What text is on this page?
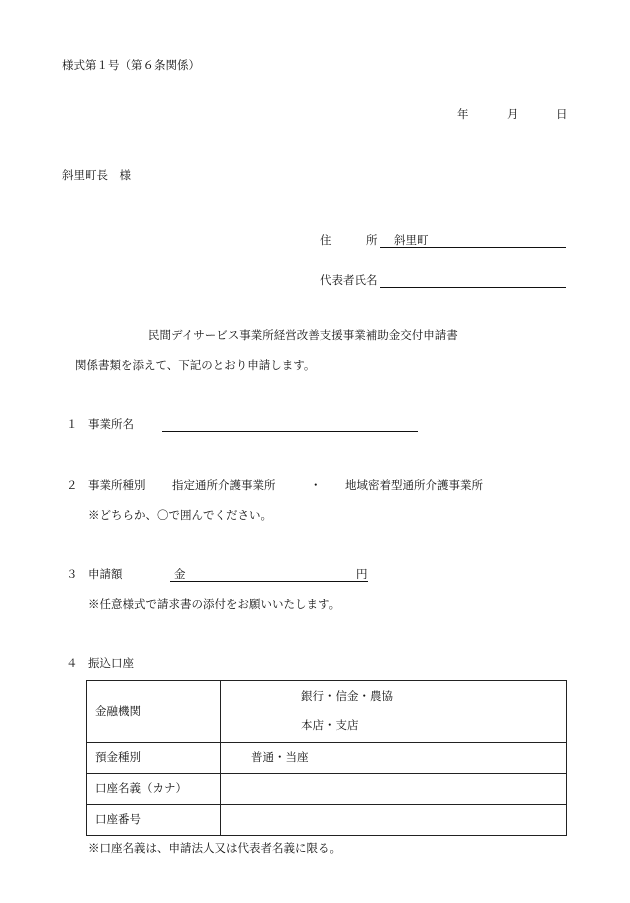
様式第１号（第６条関係）
年	月	日
斜里町長　様
住　　　所 斜里町
代表者氏名
民間デイサービス事業所経営改善支援事業補助金交付申請書
関係書類を添えて、下記のとおり申請します。
１ 事業所名
２ 事業所種別 指定通所介護事業所	・ 地域密着型通所介護事業所
※どちらか、〇で囲んでください。
３ 申請額	金	円
※任意様式で請求書の添付をお願いいたします。
４ 振込口座
金融機関	銀行・信金・農協
本店・支店

預金種別	普通・当座
口座名義（カナ）	
口座番号	
※口座名義は、申請法人又は代表者名義に限る。
